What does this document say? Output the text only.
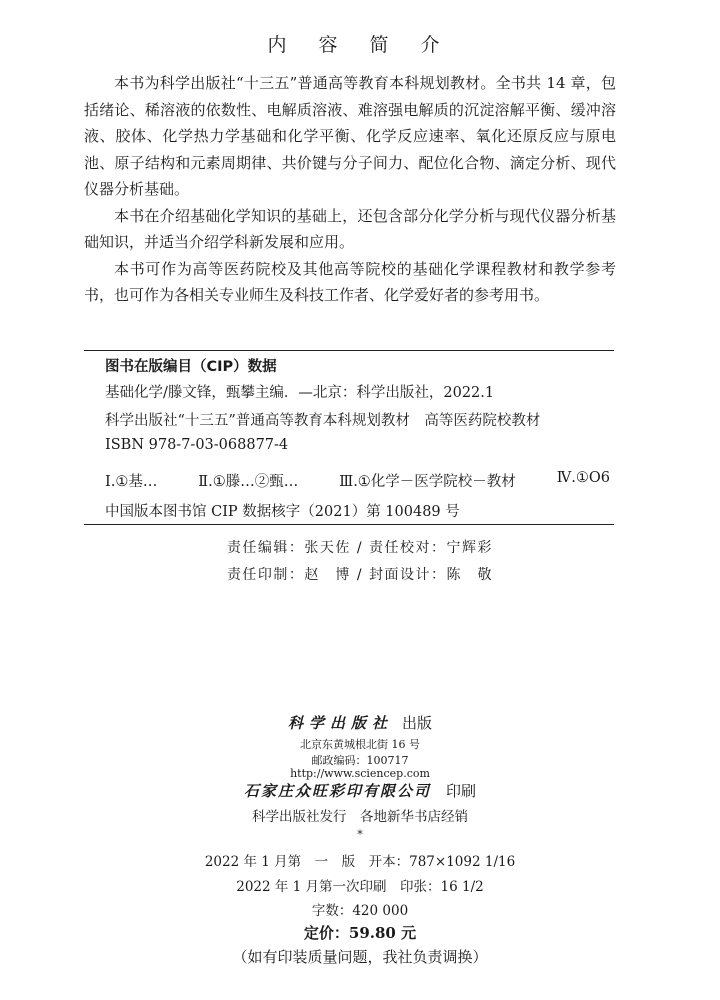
内 容 简 介

本书为科学出版社“十三五”普通高等教育本科规划教材。全书共 14 章，包括绪论、稀溶液的依数性、电解质溶液、难溶强电解质的沉淀溶解平衡、缓冲溶液、胶体、化学热力学基础和化学平衡、化学反应速率、氧化还原反应与原电池、原子结构和元素周期律、共价键与分子间力、配位化合物、滴定分析、现代仪器分析基础。

本书在介绍基础化学知识的基础上，还包含部分化学分析与现代仪器分析基础知识，并适当介绍学科新发展和应用。

本书可作为高等医药院校及其他高等院校的基础化学课程教材和教学参考书，也可作为各相关专业师生及科技工作者、化学爱好者的参考用书。

图书在版编目（CIP）数据
基础化学/滕文锋，甄攀主编．—北京：科学出版社，2022.1
科学出版社“十三五”普通高等教育本科规划教材　高等医药院校教材
ISBN 978-7-03-068877-4
Ⅰ.①基…	Ⅱ.①滕…②甄…	Ⅲ.①化学－医学院校－教材	Ⅳ.①O6
中国版本图书馆 CIP 数据核字（2021）第 100489 号
责任编辑：张天佐 / 责任校对：宁辉彩
责任印制：赵　博 / 封面设计：陈　敬
科学出版社 出版
北京东黄城根北街 16 号
邮政编码：100717
http://www.sciencep.com
石家庄众旺彩印有限公司 印刷
科学出版社发行　各地新华书店经销
*
2022 年 1 月第　一　版　开本：787×1092 1/16
2022 年 1 月第一次印刷　印张：16 1/2
字数：420 000
定价：59.80 元
（如有印装质量问题，我社负责调换）
